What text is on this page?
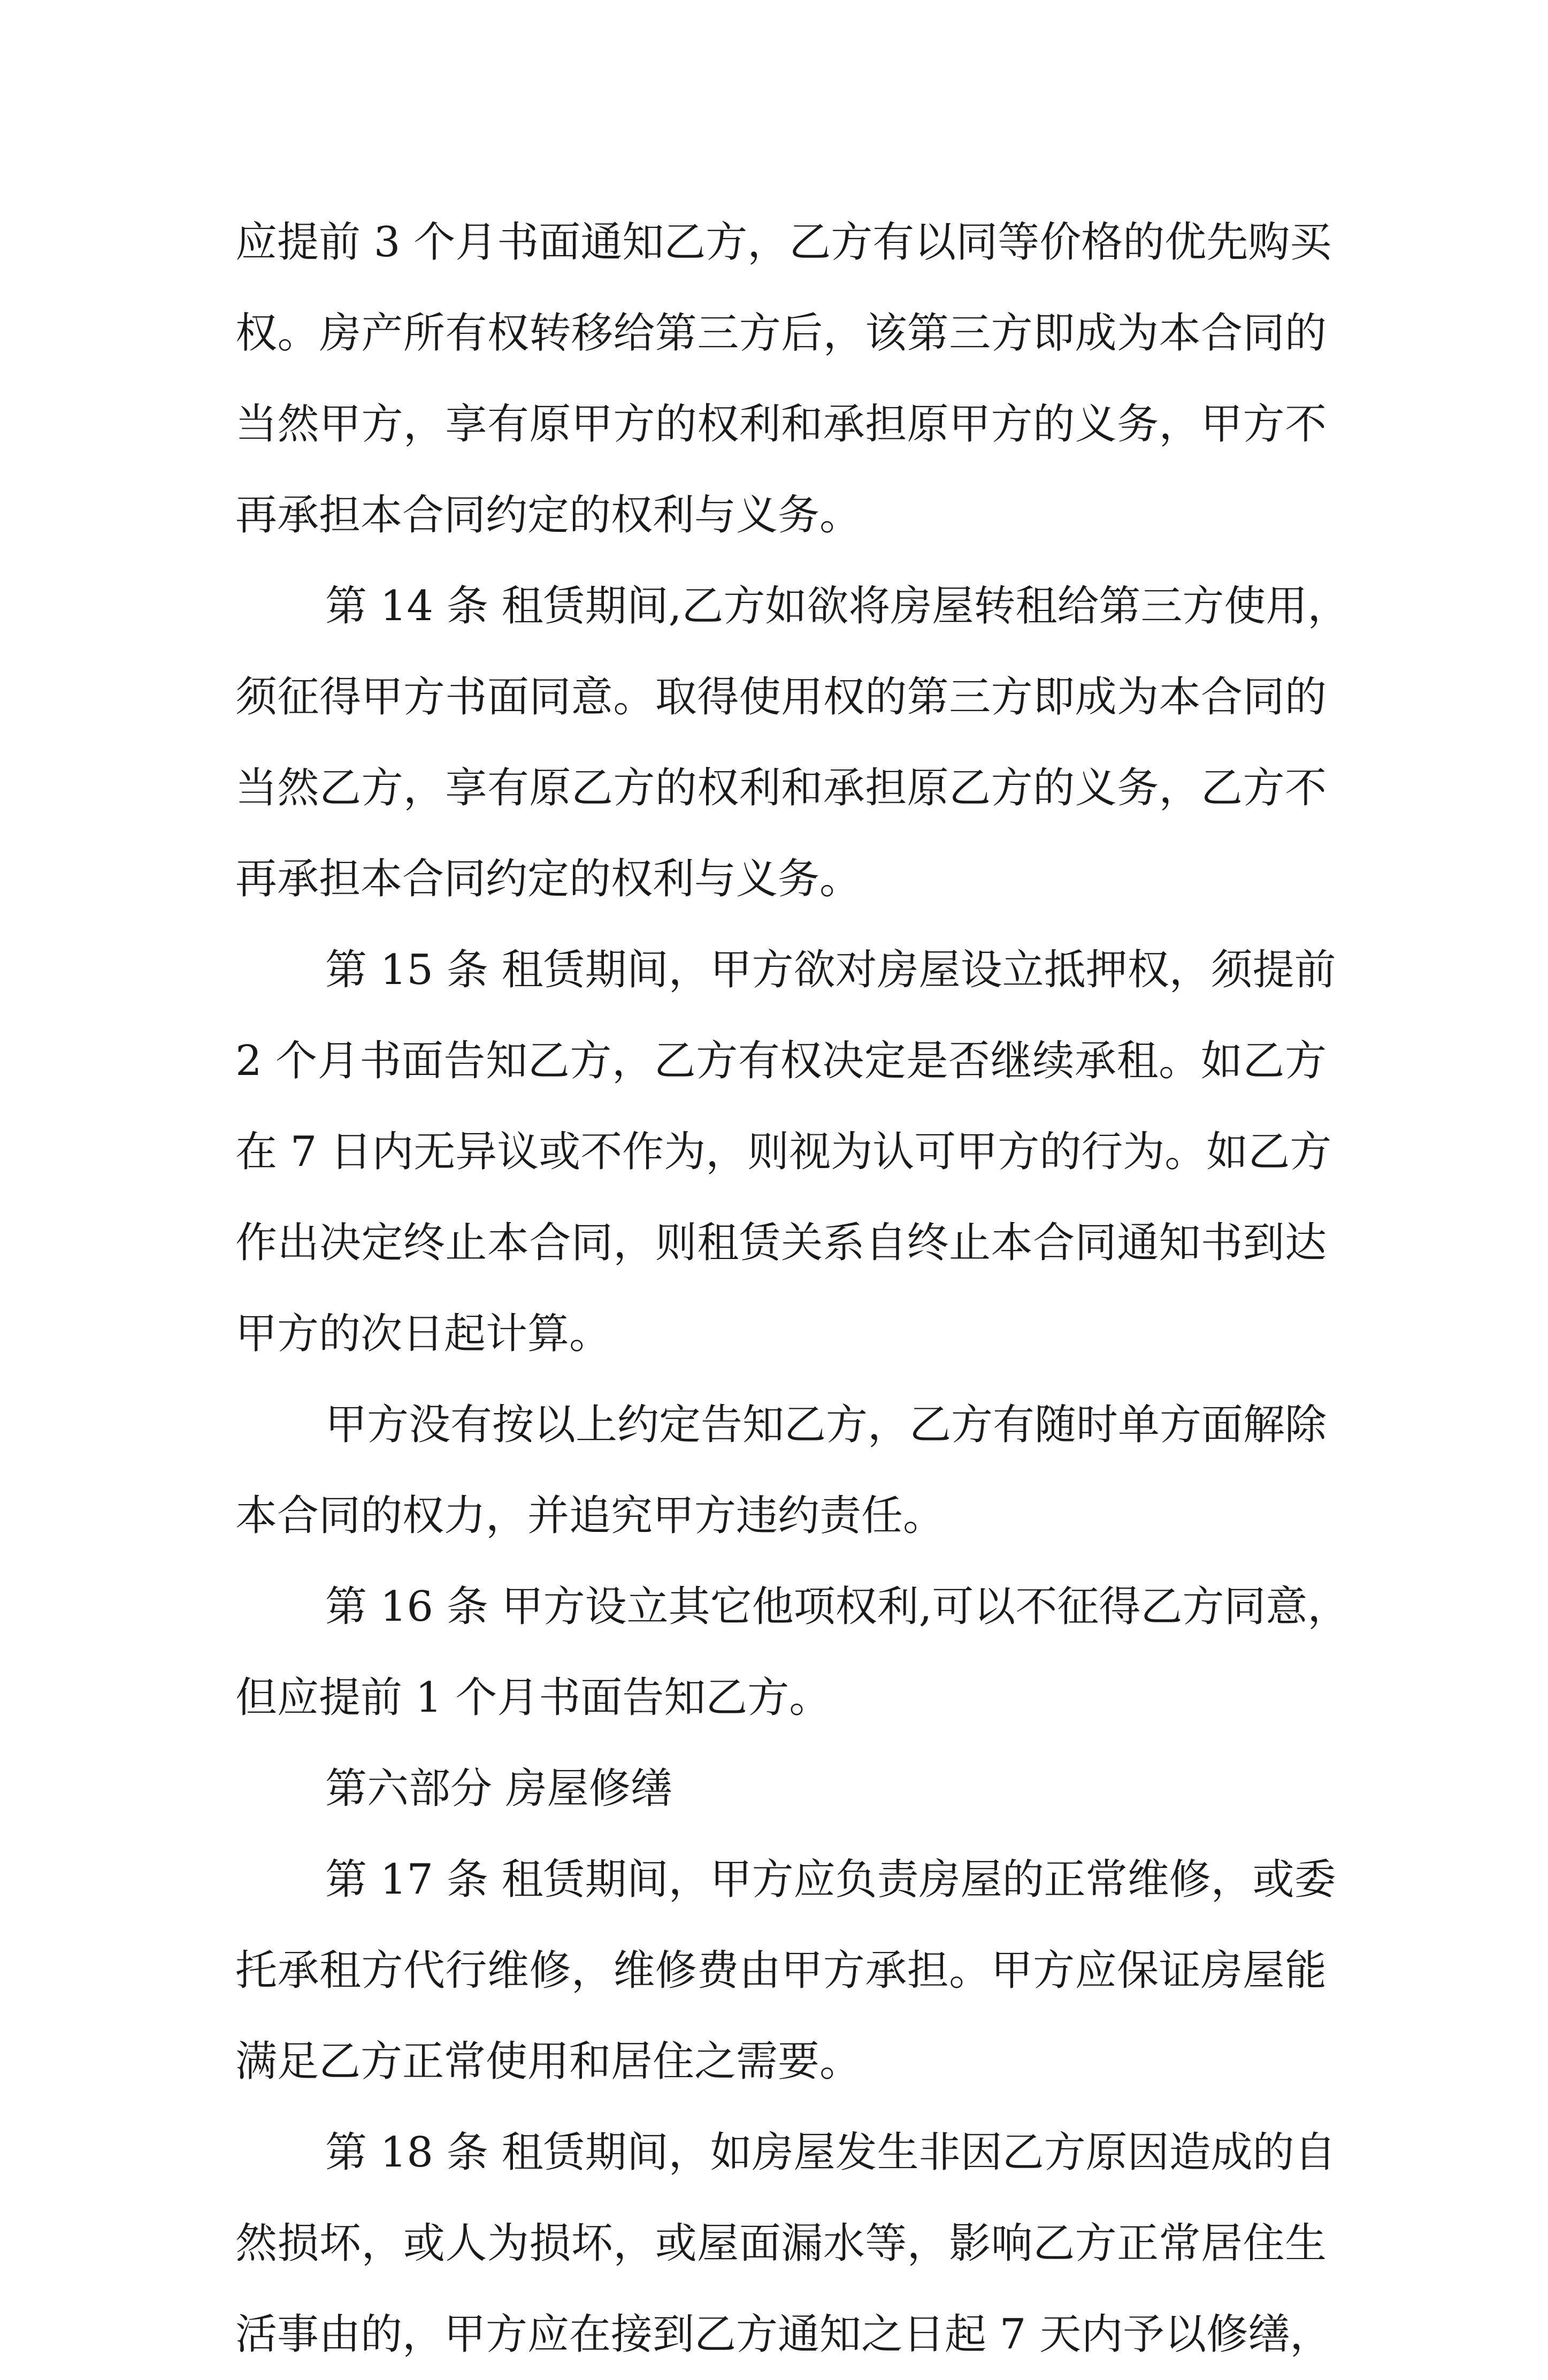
应提前 3 个月书面通知乙方，乙方有以同等价格的优先购买
权。房产所有权转移给第三方后，该第三方即成为本合同的
当然甲方，享有原甲方的权利和承担原甲方的义务，甲方不
再承担本合同约定的权利与义务。
第 14 条 租赁期间,乙方如欲将房屋转租给第三方使用，
须征得甲方书面同意。取得使用权的第三方即成为本合同的
当然乙方，享有原乙方的权利和承担原乙方的义务，乙方不
再承担本合同约定的权利与义务。
第 15 条 租赁期间，甲方欲对房屋设立抵押权，须提前
2 个月书面告知乙方，乙方有权决定是否继续承租。如乙方
在 7 日内无异议或不作为，则视为认可甲方的行为。如乙方
作出决定终止本合同，则租赁关系自终止本合同通知书到达
甲方的次日起计算。
甲方没有按以上约定告知乙方，乙方有随时单方面解除
本合同的权力，并追究甲方违约责任。
第 16 条 甲方设立其它他项权利,可以不征得乙方同意，
但应提前 1 个月书面告知乙方。
第六部分 房屋修缮
第 17 条 租赁期间，甲方应负责房屋的正常维修，或委
托承租方代行维修，维修费由甲方承担。甲方应保证房屋能
满足乙方正常使用和居住之需要。
第 18 条 租赁期间，如房屋发生非因乙方原因造成的自
然损坏，或人为损坏，或屋面漏水等，影响乙方正常居住生
活事由的，甲方应在接到乙方通知之日起 7 天内予以修缮，
